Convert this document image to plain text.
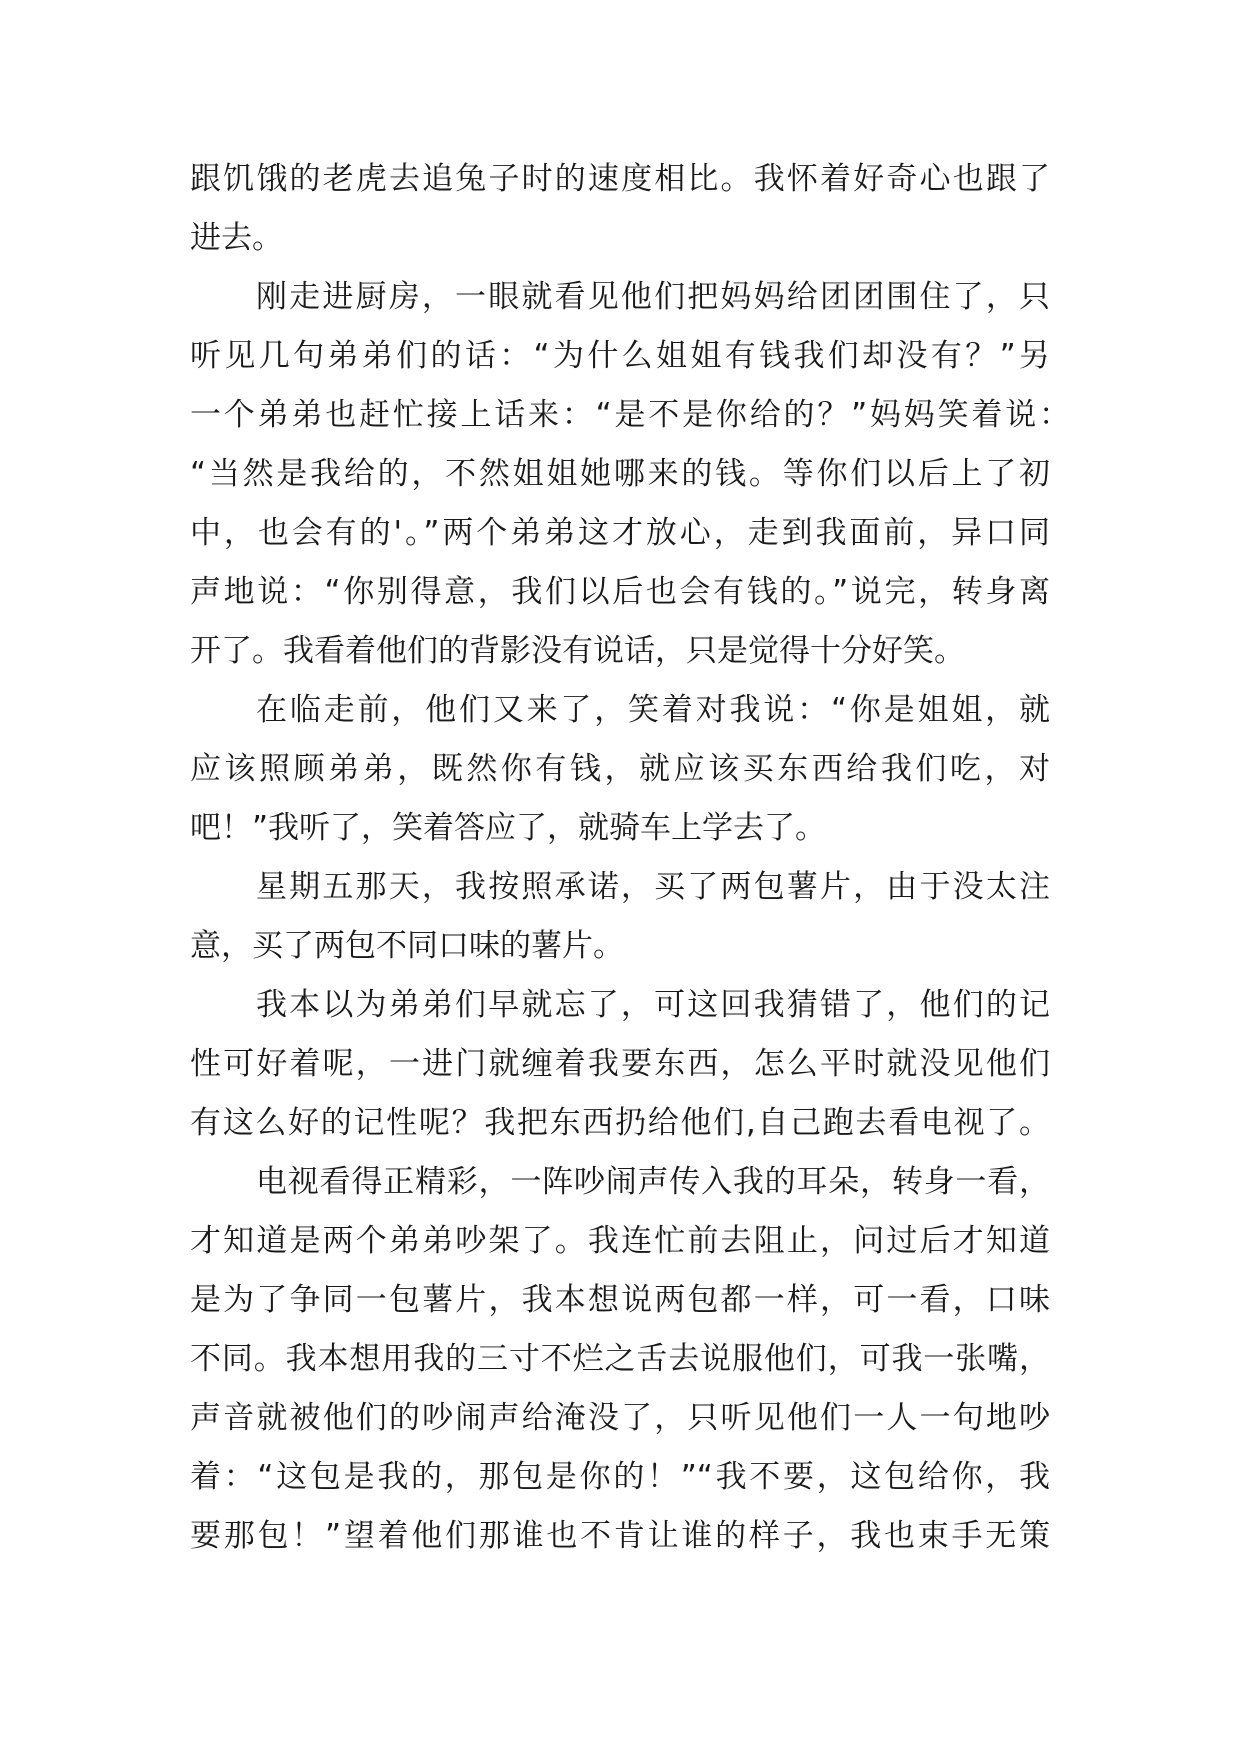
跟饥饿的老虎去追兔子时的速度相比。我怀着好奇心也跟了
进去。
刚走进厨房，一眼就看见他们把妈妈给团团围住了，只
听见几句弟弟们的话：“为什么姐姐有钱我们却没有？”另
一个弟弟也赶忙接上话来：“是不是你给的？”妈妈笑着说：
“当然是我给的，不然姐姐她哪来的钱。等你们以后上了初
中，也会有的'。”两个弟弟这才放心，走到我面前，异口同
声地说：“你别得意，我们以后也会有钱的。”说完，转身离
开了。我看着他们的背影没有说话，只是觉得十分好笑。
在临走前，他们又来了，笑着对我说：“你是姐姐，就
应该照顾弟弟，既然你有钱，就应该买东西给我们吃，对
吧！”我听了，笑着答应了，就骑车上学去了。
星期五那天，我按照承诺，买了两包薯片，由于没太注
意，买了两包不同口味的薯片。
我本以为弟弟们早就忘了，可这回我猜错了，他们的记
性可好着呢，一进门就缠着我要东西，怎么平时就没见他们
有这么好的记性呢？我把东西扔给他们,自己跑去看电视了。
电视看得正精彩，一阵吵闹声传入我的耳朵，转身一看，
才知道是两个弟弟吵架了。我连忙前去阻止，问过后才知道
是为了争同一包薯片，我本想说两包都一样，可一看，口味
不同。我本想用我的三寸不烂之舌去说服他们，可我一张嘴，
声音就被他们的吵闹声给淹没了，只听见他们一人一句地吵
着：“这包是我的，那包是你的！”“我不要，这包给你，我
要那包！”望着他们那谁也不肯让谁的样子，我也束手无策
